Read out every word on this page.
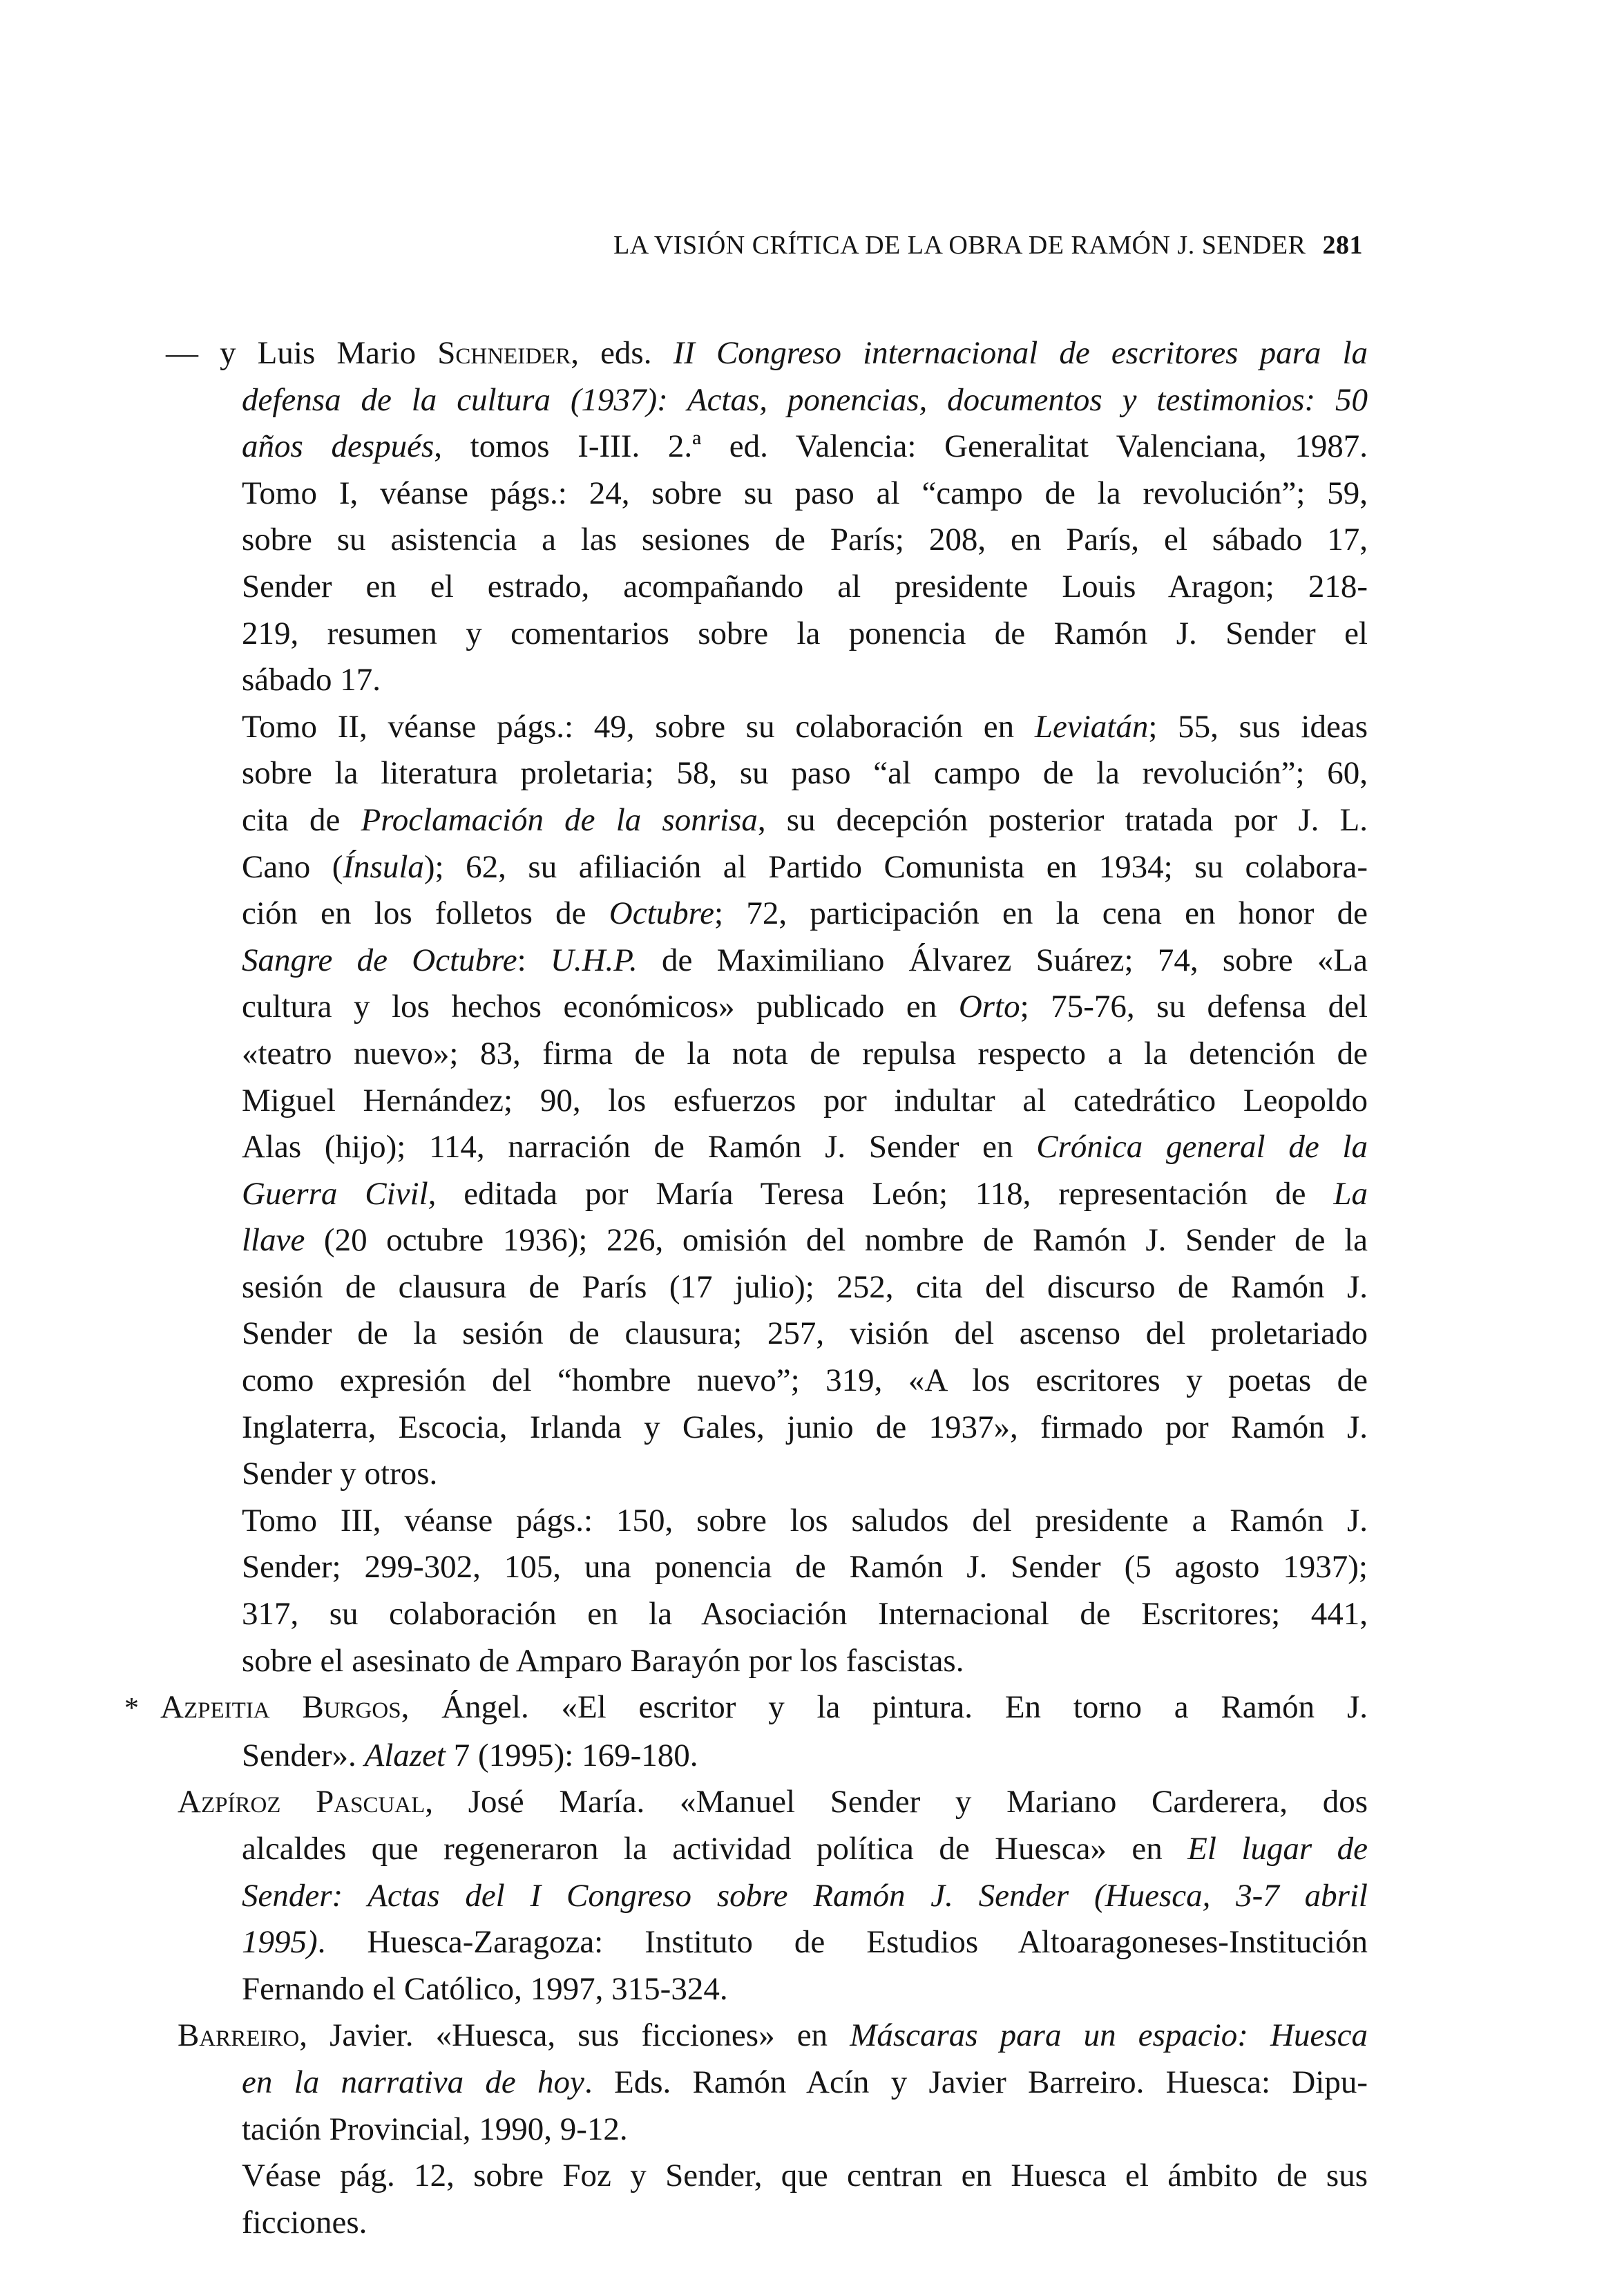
LA VISIÓN CRÍTICA DE LA OBRA DE RAMÓN J. SENDER 281
— y Luis Mario Schneider, eds. II Congreso internacional de escritores para la
defensa de la cultura (1937): Actas, ponencias, documentos y testimonios: 50
años después, tomos I-III. 2.ª ed. Valencia: Generalitat Valenciana, 1987.
Tomo I, véanse págs.: 24, sobre su paso al “campo de la revolución”; 59,
sobre su asistencia a las sesiones de París; 208, en París, el sábado 17,
Sender en el estrado, acompañando al presidente Louis Aragon; 218-
219, resumen y comentarios sobre la ponencia de Ramón J. Sender el
sábado 17.
Tomo II, véanse págs.: 49, sobre su colaboración en Leviatán; 55, sus ideas
sobre la literatura proletaria; 58, su paso “al campo de la revolución”; 60,
cita de Proclamación de la sonrisa, su decepción posterior tratada por J. L.
Cano (Ínsula); 62, su afiliación al Partido Comunista en 1934; su colabora-
ción en los folletos de Octubre; 72, participación en la cena en honor de
Sangre de Octubre: U.H.P. de Maximiliano Álvarez Suárez; 74, sobre «La
cultura y los hechos económicos» publicado en Orto; 75-76, su defensa del
«teatro nuevo»; 83, firma de la nota de repulsa respecto a la detención de
Miguel Hernández; 90, los esfuerzos por indultar al catedrático Leopoldo
Alas (hijo); 114, narración de Ramón J. Sender en Crónica general de la
Guerra Civil, editada por María Teresa León; 118, representación de La
llave (20 octubre 1936); 226, omisión del nombre de Ramón J. Sender de la
sesión de clausura de París (17 julio); 252, cita del discurso de Ramón J.
Sender de la sesión de clausura; 257, visión del ascenso del proletariado
como expresión del “hombre nuevo”; 319, «A los escritores y poetas de
Inglaterra, Escocia, Irlanda y Gales, junio de 1937», firmado por Ramón J.
Sender y otros.
Tomo III, véanse págs.: 150, sobre los saludos del presidente a Ramón J.
Sender; 299-302, 105, una ponencia de Ramón J. Sender (5 agosto 1937);
317, su colaboración en la Asociación Internacional de Escritores; 441,
sobre el asesinato de Amparo Barayón por los fascistas.
* Azpeitia Burgos, Ángel. «El escritor y la pintura. En torno a Ramón J.
Sender». Alazet 7 (1995): 169-180.
Azpíroz Pascual, José María. «Manuel Sender y Mariano Carderera, dos
alcaldes que regeneraron la actividad política de Huesca» en El lugar de
Sender: Actas del I Congreso sobre Ramón J. Sender (Huesca, 3-7 abril
1995). Huesca-Zaragoza: Instituto de Estudios Altoaragoneses-Institución
Fernando el Católico, 1997, 315-324.
Barreiro, Javier. «Huesca, sus ficciones» en Máscaras para un espacio: Huesca
en la narrativa de hoy. Eds. Ramón Acín y Javier Barreiro. Huesca: Dipu-
tación Provincial, 1990, 9-12.
Véase pág. 12, sobre Foz y Sender, que centran en Huesca el ámbito de sus
ficciones.
